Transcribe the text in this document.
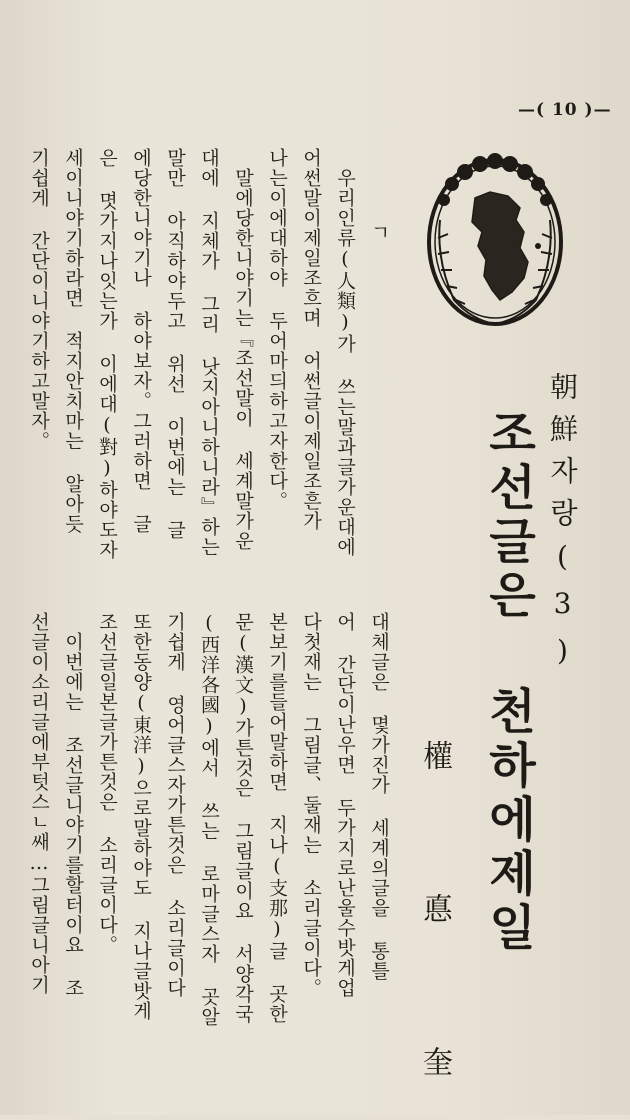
—( 10 )—
朝鮮자랑(3)
조선글은 천하에제일
權 悳 奎
ㄱ
대체글은 몇가진가 세계의글을 통틀
어 간단이난우면 두가지로난울수밧게업
다첫재는 그림글、둘재는 소리글이다。
본보기를들어말하면 지나(支那)글 곳한
문(漢文)가튼것은 그림글이요 서양각국
(西洋各國)에서 쓰는 로마글스자 곳알
기쉽게 영어글스자가튼것은 소리글이다
또한동양(東洋)으로말하야도 지나글밧게
조선글일본글가튼것은 소리글이다。
이번에는 조선글니야기를할터이요 조
선글이소리글에부텃스ㄴ쌔…그림글니아기
우리인류(人類)가 쓰는말과글가운대에
어썬말이제일조흐며 어썬글이제일조흔가
나는이에대하야 두어마듸하고자한다。
말에당한니야기는『조선말이 세계말가운
대에 지체가 그리 낫지아니하니라』하는
말만 아직하야두고 위선 이번에는 글
에당한니야기나 하야보자。그러하면 글
은 몃가지나잇는가 이에대(對)하야도자
세이니야기하라면 적지안치마는 알아듯
기쉽게 간단이니야기하고말자。
